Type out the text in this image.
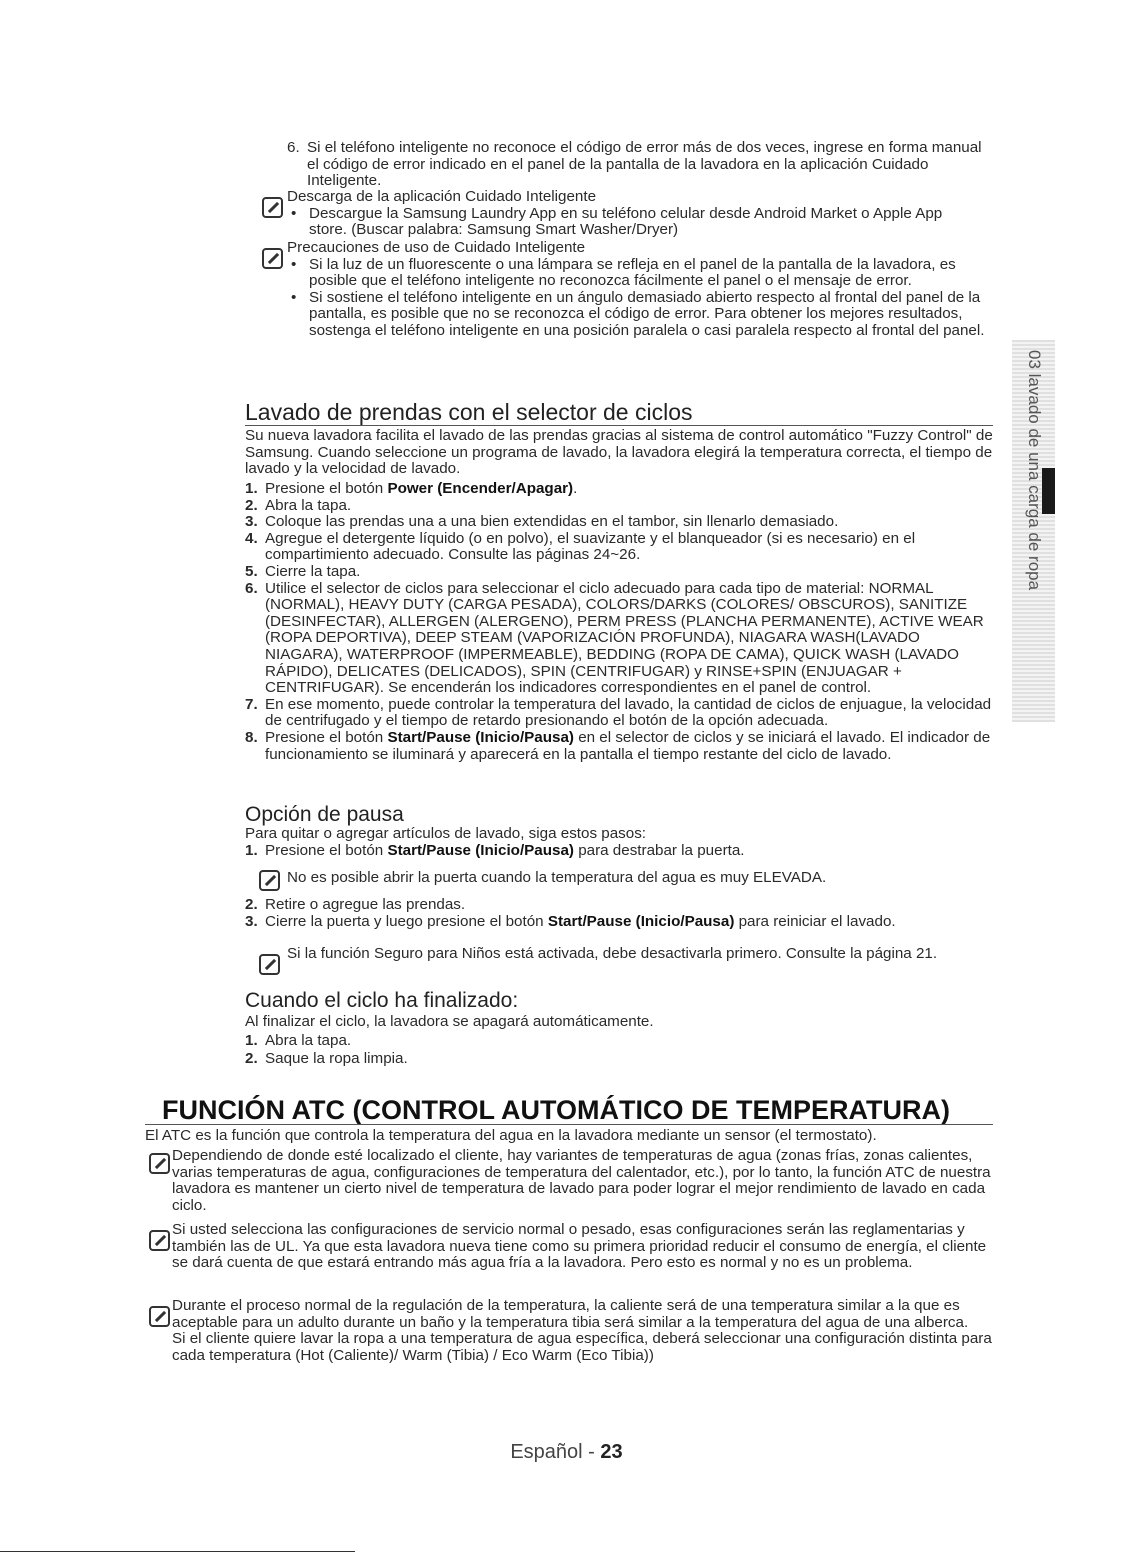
6. Si el teléfono inteligente no reconoce el código de error más de dos veces, ingrese en forma manual el código de error indicado en el panel de la pantalla de la lavadora en la aplicación Cuidado Inteligente.

Descarga de la aplicación Cuidado Inteligente

• Descargue la Samsung Laundry App en su teléfono celular desde Android Market o Apple App store. (Buscar palabra: Samsung Smart Washer/Dryer)

Precauciones de uso de Cuidado Inteligente

• Si la luz de un fluorescente o una lámpara se refleja en el panel de la pantalla de la lavadora, es posible que el teléfono inteligente no reconozca fácilmente el panel o el mensaje de error.

• Si sostiene el teléfono inteligente en un ángulo demasiado abierto respecto al frontal del panel de la pantalla, es posible que no se reconozca el código de error. Para obtener los mejores resultados, sostenga el teléfono inteligente en una posición paralela o casi paralela respecto al frontal del panel.

Lavado de prendas con el selector de ciclos

Su nueva lavadora facilita el lavado de las prendas gracias al sistema de control automático "Fuzzy Control" de Samsung. Cuando seleccione un programa de lavado, la lavadora elegirá la temperatura correcta, el tiempo de lavado y la velocidad de lavado.

1. Presione el botón Power (Encender/Apagar).
2. Abra la tapa.
3. Coloque las prendas una a una bien extendidas en el tambor, sin llenarlo demasiado.
4. Agregue el detergente líquido (o en polvo), el suavizante y el blanqueador (si es necesario) en el compartimiento adecuado. Consulte las páginas 24~26.
5. Cierre la tapa.
6. Utilice el selector de ciclos para seleccionar el ciclo adecuado para cada tipo de material: NORMAL (NORMAL), HEAVY DUTY (CARGA PESADA), COLORS/DARKS (COLORES/ OBSCUROS), SANITIZE (DESINFECTAR), ALLERGEN (ALERGENO), PERM PRESS (PLANCHA PERMANENTE), ACTIVE WEAR (ROPA DEPORTIVA), DEEP STEAM (VAPORIZACIÓN PROFUNDA), NIAGARA WASH(LAVADO NIAGARA), WATERPROOF (IMPERMEABLE), BEDDING (ROPA DE CAMA), QUICK WASH (LAVADO RÁPIDO), DELICATES (DELICADOS), SPIN (CENTRIFUGAR) y RINSE+SPIN (ENJUAGAR + CENTRIFUGAR). Se encenderán los indicadores correspondientes en el panel de control.
7. En ese momento, puede controlar la temperatura del lavado, la cantidad de ciclos de enjuague, la velocidad de centrifugado y el tiempo de retardo presionando el botón de la opción adecuada.
8. Presione el botón Start/Pause (Inicio/Pausa) en el selector de ciclos y se iniciará el lavado. El indicador de funcionamiento se iluminará y aparecerá en la pantalla el tiempo restante del ciclo de lavado.
Opción de pausa

Para quitar o agregar artículos de lavado, siga estos pasos:

1. Presione el botón Start/Pause (Inicio/Pausa) para destrabar la puerta.

No es posible abrir la puerta cuando la temperatura del agua es muy ELEVADA.

2. Retire o agregue las prendas.

3. Cierre la puerta y luego presione el botón Start/Pause (Inicio/Pausa) para reiniciar el lavado.

Si la función Seguro para Niños está activada, debe desactivarla primero. Consulte la página 21.

Cuando el ciclo ha finalizado:

Al finalizar el ciclo, la lavadora se apagará automáticamente.

1. Abra la tapa.

2. Saque la ropa limpia.

FUNCIÓN ATC (CONTROL AUTOMÁTICO DE TEMPERATURA)

El ATC es la función que controla la temperatura del agua en la lavadora mediante un sensor (el termostato).

Dependiendo de donde esté localizado el cliente, hay variantes de temperaturas de agua (zonas frías, zonas calientes, varias temperaturas de agua, configuraciones de temperatura del calentador, etc.), por lo tanto, la función ATC de nuestra lavadora es mantener un cierto nivel de temperatura de lavado para poder lograr el mejor rendimiento de lavado en cada ciclo.

Si usted selecciona las configuraciones de servicio normal o pesado, esas configuraciones serán las reglamentarias y también las de UL. Ya que esta lavadora nueva tiene como su primera prioridad reducir el consumo de energía, el cliente se dará cuenta de que estará entrando más agua fría a la lavadora. Pero esto es normal y no es un problema.

Durante el proceso normal de la regulación de la temperatura, la caliente será de una temperatura similar a la que es aceptable para un adulto durante un baño y la temperatura tibia será similar a la temperatura del agua de una alberca.

Si el cliente quiere lavar la ropa a una temperatura de agua específica, deberá seleccionar una configuración distinta para cada temperatura (Hot (Caliente)/ Warm (Tibia) / Eco Warm (Eco Tibia))

03 lavado de una carga de ropa
Español - 23
